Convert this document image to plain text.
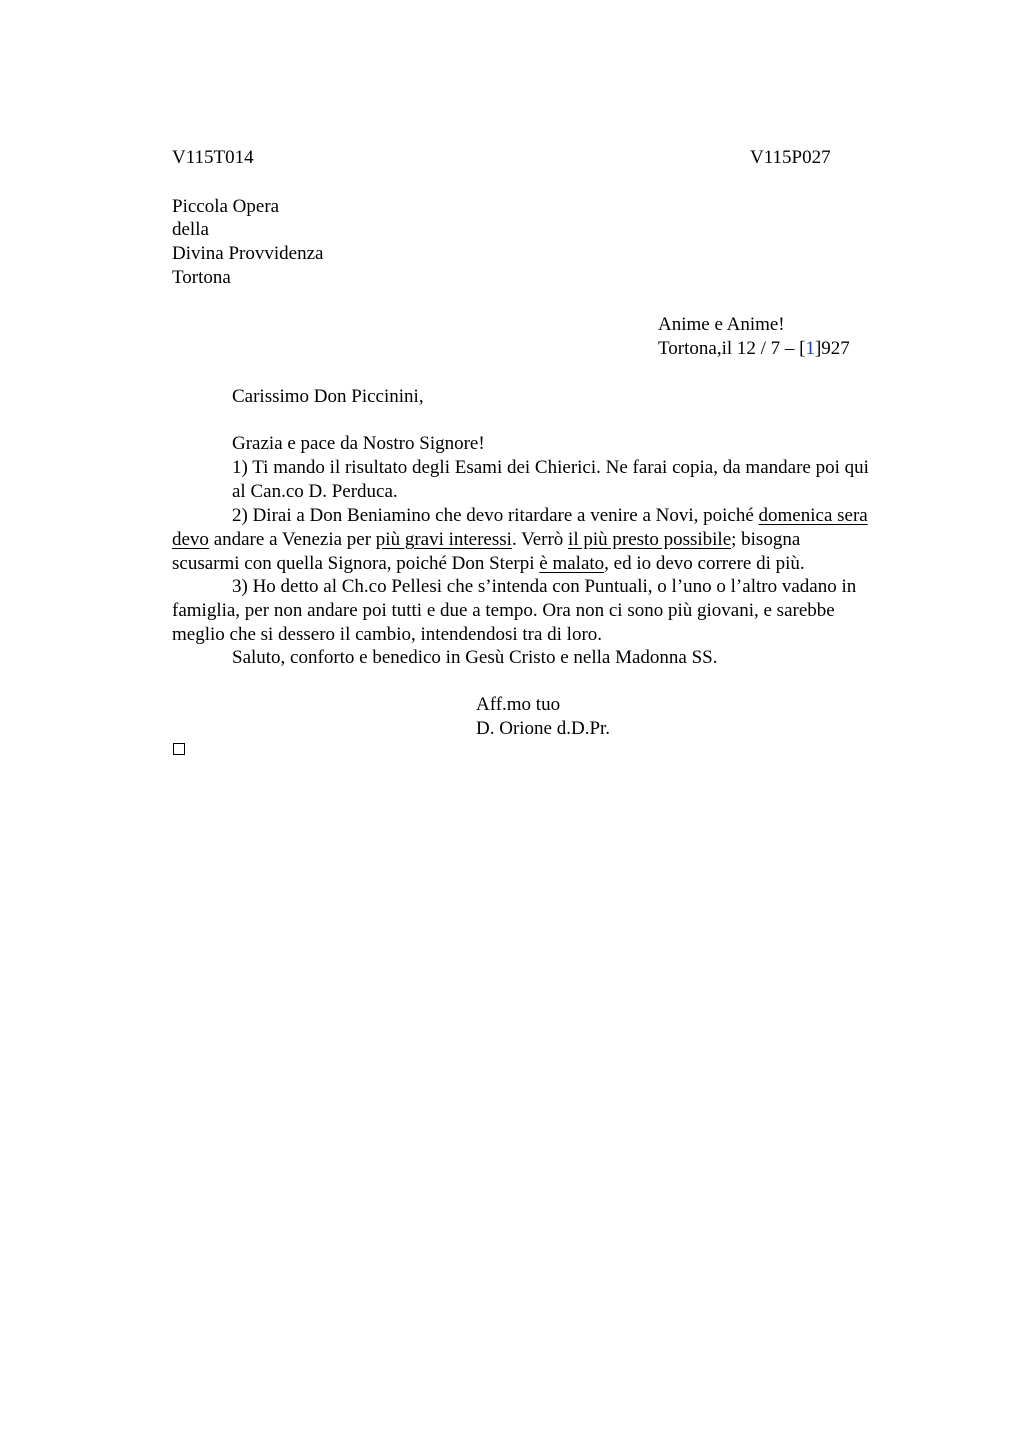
V115T014	V115P027
Piccola Opera
della
Divina Provvidenza
Tortona
Anime e Anime!
Tortona,il 12 / 7 – [1]927
Carissimo Don Piccinini,
Grazia e pace da Nostro Signore!
1) Ti mando il risultato degli Esami dei Chierici. Ne farai copia, da mandare poi qui
al Can.co D. Perduca.
2) Dirai a Don Beniamino che devo ritardare a venire a Novi, poiché domenica sera
devo andare a Venezia per più gravi interessi. Verrò il più presto possibile; bisogna
scusarmi con quella Signora, poiché Don Sterpi è malato, ed io devo correre di più.
3) Ho detto al Ch.co Pellesi che s’intenda con Puntuali, o l’uno o l’altro vadano in
famiglia, per non andare poi tutti e due a tempo. Ora non ci sono più giovani, e sarebbe
meglio che si dessero il cambio, intendendosi tra di loro.
Saluto, conforto e benedico in Gesù Cristo e nella Madonna SS.
Aff.mo tuo
D. Orione d.D.Pr.
